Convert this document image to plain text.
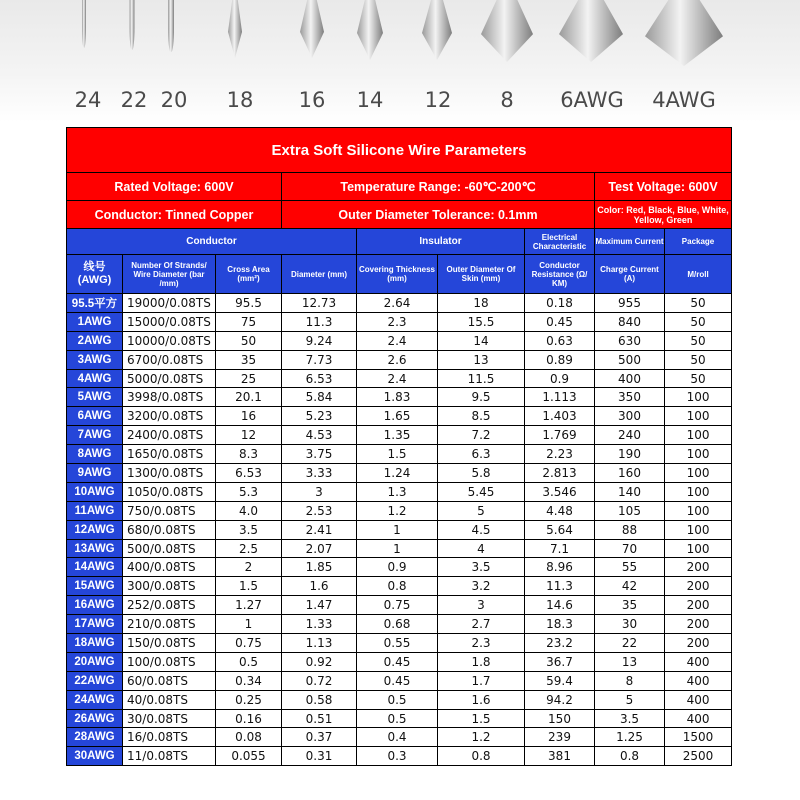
24 22 20 18 16 14 12 8 6AWG 4AWG
Extra Soft Silicone Wire Parameters								
Rated Voltage: 600V			Temperature Range: -60℃-200℃				Test Voltage: 600V	
Conductor: Tinned Copper			Outer Diameter Tolerance: 0.1mm				Color: Red, Black, Blue, White, Yellow, Green	
Conductor				Insulator		Electrical Characteristic	Maximum Current	Package
线号 (AWG)	Number Of Strands/ Wire Diameter (bar /mm)	Cross Area (mm²)	Diameter (mm)	Covering Thickness (mm)	Outer Diameter Of Skin (mm)	Conductor Resistance (Ω/ KM)	Charge Current (A)	M/roll
95.5平方	19000/0.08TS	95.5	12.73	2.64	18	0.18	955	50
1AWG	15000/0.08TS	75	11.3	2.3	15.5	0.45	840	50
2AWG	10000/0.08TS	50	9.24	2.4	14	0.63	630	50
3AWG	6700/0.08TS	35	7.73	2.6	13	0.89	500	50
4AWG	5000/0.08TS	25	6.53	2.4	11.5	0.9	400	50
5AWG	3998/0.08TS	20.1	5.84	1.83	9.5	1.113	350	100
6AWG	3200/0.08TS	16	5.23	1.65	8.5	1.403	300	100
7AWG	2400/0.08TS	12	4.53	1.35	7.2	1.769	240	100
8AWG	1650/0.08TS	8.3	3.75	1.5	6.3	2.23	190	100
9AWG	1300/0.08TS	6.53	3.33	1.24	5.8	2.813	160	100
10AWG	1050/0.08TS	5.3	3	1.3	5.45	3.546	140	100
11AWG	750/0.08TS	4.0	2.53	1.2	5	4.48	105	100
12AWG	680/0.08TS	3.5	2.41	1	4.5	5.64	88	100
13AWG	500/0.08TS	2.5	2.07	1	4	7.1	70	100
14AWG	400/0.08TS	2	1.85	0.9	3.5	8.96	55	200
15AWG	300/0.08TS	1.5	1.6	0.8	3.2	11.3	42	200
16AWG	252/0.08TS	1.27	1.47	0.75	3	14.6	35	200
17AWG	210/0.08TS	1	1.33	0.68	2.7	18.3	30	200
18AWG	150/0.08TS	0.75	1.13	0.55	2.3	23.2	22	200
20AWG	100/0.08TS	0.5	0.92	0.45	1.8	36.7	13	400
22AWG	60/0.08TS	0.34	0.72	0.45	1.7	59.4	8	400
24AWG	40/0.08TS	0.25	0.58	0.5	1.6	94.2	5	400
26AWG	30/0.08TS	0.16	0.51	0.5	1.5	150	3.5	400
28AWG	16/0.08TS	0.08	0.37	0.4	1.2	239	1.25	1500
30AWG	11/0.08TS	0.055	0.31	0.3	0.8	381	0.8	2500
